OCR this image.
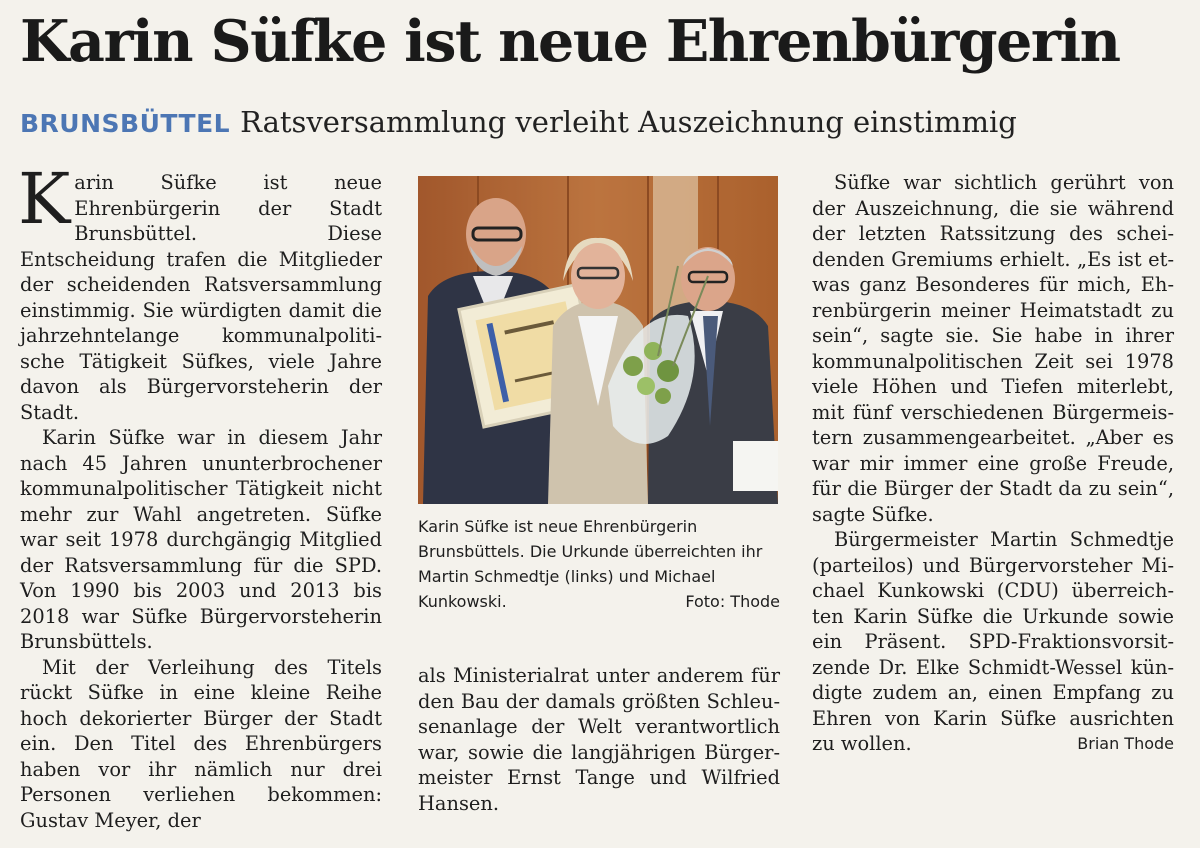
Karin Süfke ist neue Ehrenbürgerin
BRUNSBÜTTEL Ratsversammlung verleiht Auszeichnung einstimmig

Karin Süfke ist neue Ehrenbürgerin der Stadt Brunsbüttel. Diese Entscheidung trafen die Mitglieder der scheidenden Ratsversammlung einstimmig. Sie würdigten damit die jahrzehntelange kommunalpolitische Tätigkeit Süfkes, viele Jahre davon als Bürgervorsteherin der Stadt.

Karin Süfke war in diesem Jahr nach 45 Jahren ununterbrochener kommunalpolitischer Tätigkeit nicht mehr zur Wahl angetreten. Süfke war seit 1978 durchgängig Mitglied der Ratsversammlung für die SPD. Von 1990 bis 2003 und 2013 bis 2018 war Süfke Bürgervorsteherin Brunsbüttels.

Mit der Verleihung des Titels rückt Süfke in eine kleine Reihe hoch dekorierter Bürger der Stadt ein. Den Titel des Ehrenbürgers haben vor ihr nämlich nur drei Personen verliehen bekommen: Gustav Meyer, der

Karin Süfke ist neue Ehrenbürgerin Brunsbüttels. Die Urkunde überreichten ihr Martin Schmedtje (links) und Michael Kunkowski.	Foto: Thode

als Ministerialrat unter anderem für den Bau der damals größten Schleusenanlage der Welt verantwortlich war, sowie die langjährigen Bürgermeister Ernst Tange und Wilfried Hansen.

Süfke war sichtlich gerührt von der Auszeichnung, die sie während der letzten Ratssitzung des scheidenden Gremiums erhielt. „Es ist etwas ganz Besonderes für mich, Ehrenbürgerin meiner Heimatstadt zu sein“, sagte sie. Sie habe in ihrer kommunalpolitischen Zeit sei 1978 viele Höhen und Tiefen miterlebt, mit fünf verschiedenen Bürgermeistern zusammengearbeitet. „Aber es war mir immer eine große Freude, für die Bürger der Stadt da zu sein“, sagte Süfke.

Bürgermeister Martin Schmedtje (parteilos) und Bürgervorsteher Michael Kunkowski (CDU) überreichten Karin Süfke die Urkunde sowie ein Präsent. SPD-Fraktionsvorsitzende Dr. Elke Schmidt-Wessel kündigte zudem an, einen Empfang zu Ehren von Karin Süfke ausrichten zu wollen.	Brian Thode
